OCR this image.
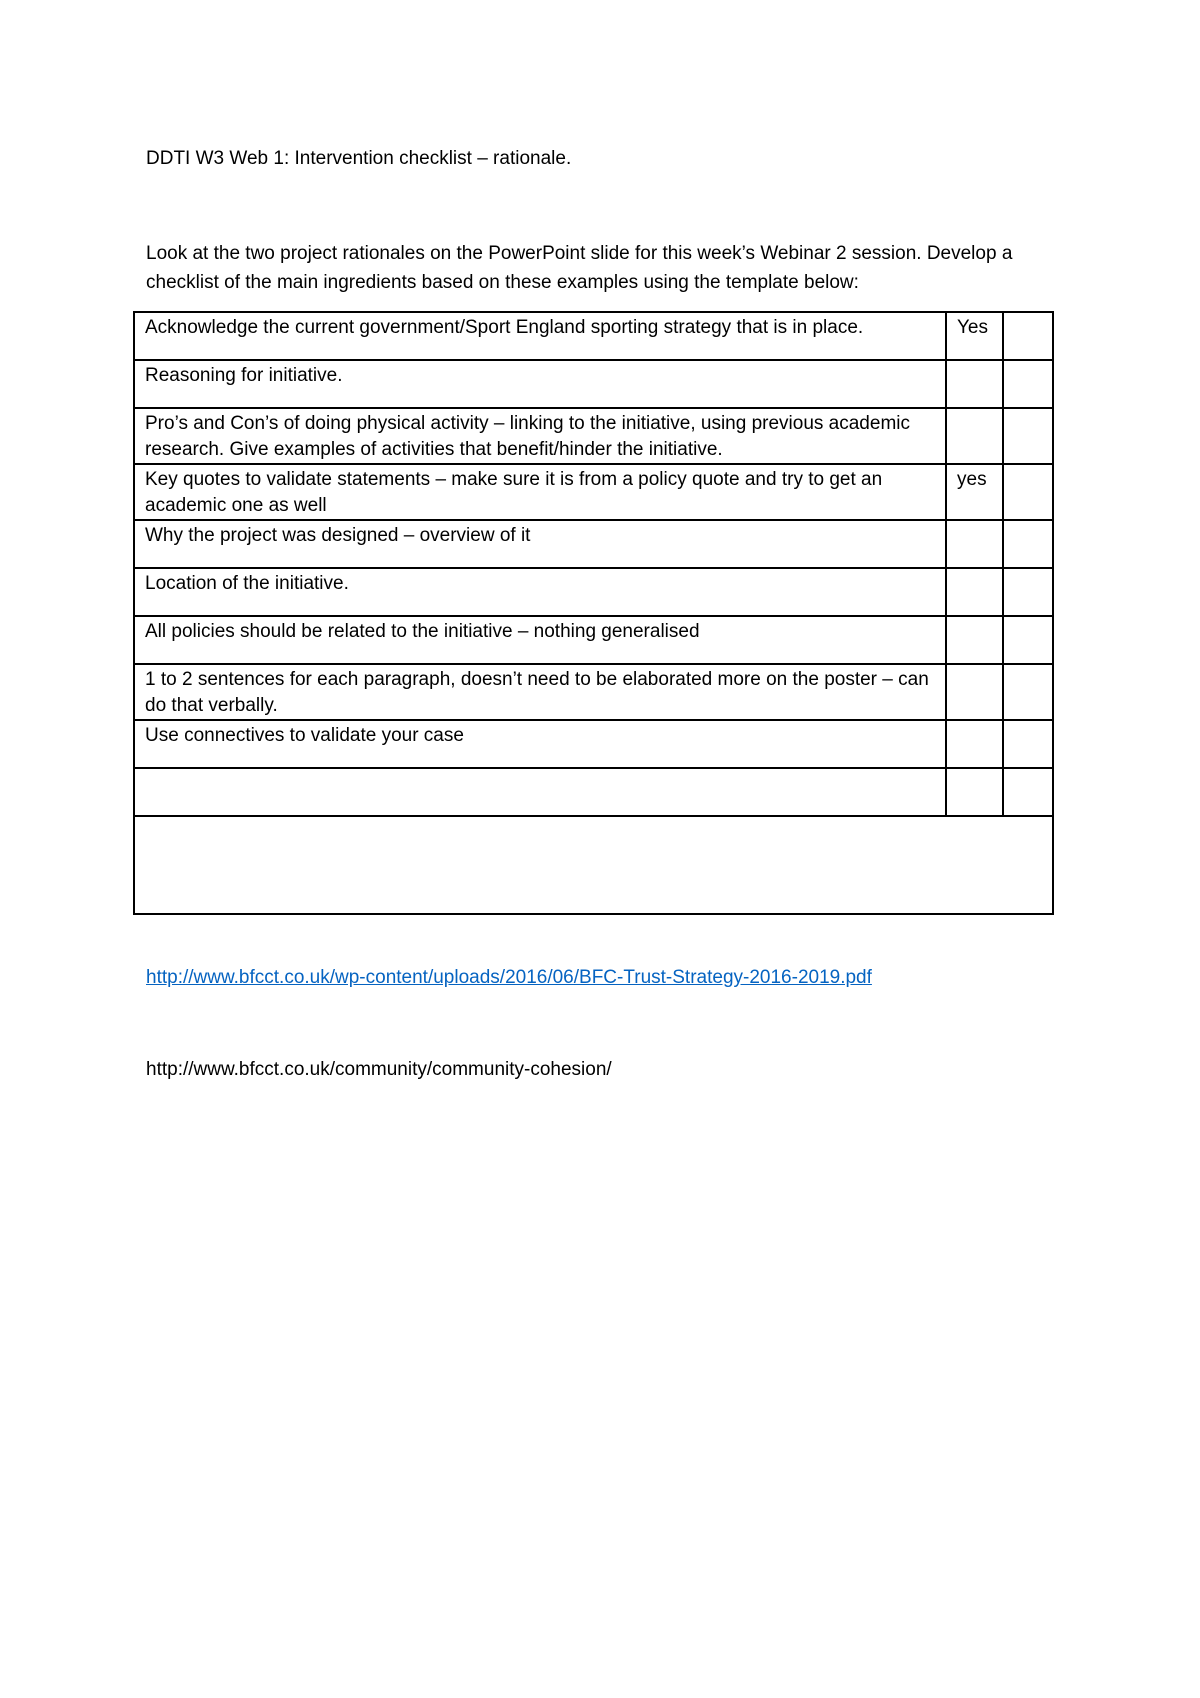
DDTI W3 Web 1: Intervention checklist – rationale.
Look at the two project rationales on the PowerPoint slide for this week’s Webinar 2 session. Develop a checklist of the main ingredients based on these examples using the template below:
Acknowledge the current government/Sport England sporting strategy that is in place.	Yes	
Reasoning for initiative.		
Pro’s and Con’s of doing physical activity – linking to the initiative, using previous academic research. Give examples of activities that benefit/hinder the initiative.		
Key quotes to validate statements – make sure it is from a policy quote and try to get an academic one as well	yes	
Why the project was designed – overview of it		
Location of the initiative.		
All policies should be related to the initiative – nothing generalised		
1 to 2 sentences for each paragraph, doesn’t need to be elaborated more on the poster – can do that verbally.		
Use connectives to validate your case		

http://www.bfcct.co.uk/wp-content/uploads/2016/06/BFC-Trust-Strategy-2016-2019.pdf
http://www.bfcct.co.uk/community/community-cohesion/
